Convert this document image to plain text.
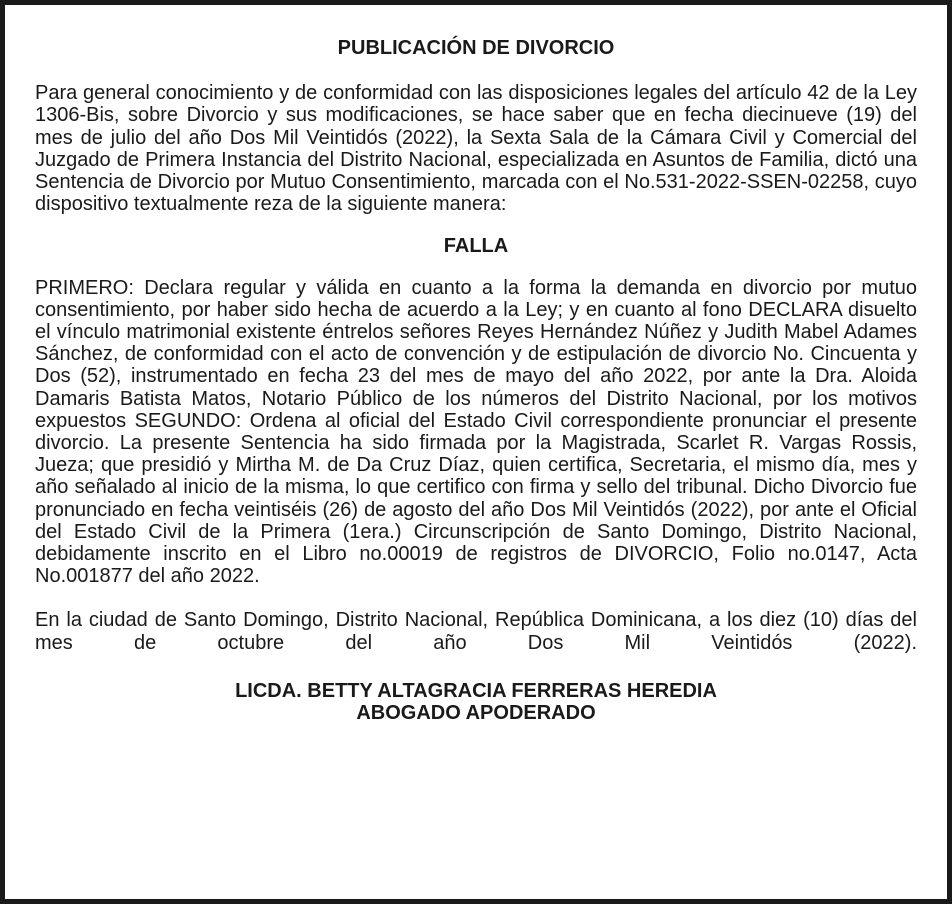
PUBLICACIÓN DE DIVORCIO

Para general conocimiento y de conformidad con las disposiciones legales del artículo 42 de la Ley 1306-Bis, sobre Divorcio y sus modificaciones, se hace saber que en fecha diecinueve (19) del mes de julio del año Dos Mil Veintidós (2022), la Sexta Sala de la Cámara Civil y Comercial del Juzgado de Primera Instancia del Distrito Nacional, especializada en Asuntos de Familia, dictó una Sentencia de Divorcio por Mutuo Consentimiento, marcada con el No.531-2022-SSEN-02258, cuyo dispositivo textualmente reza de la siguiente manera:

FALLA

PRIMERO: Declara regular y válida en cuanto a la forma la demanda en divorcio por mutuo consentimiento, por haber sido hecha de acuerdo a la Ley; y en cuanto al fono DECLARA disuelto el vínculo matrimonial existente éntrelos señores Reyes Hernández Núñez y Judith Mabel Adames Sánchez, de conformidad con el acto de convención y de estipulación de divorcio No. Cincuenta y Dos (52), instrumentado en fecha 23 del mes de mayo del año 2022, por ante la Dra. Aloida Damaris Batista Matos, Notario Público de los números del Distrito Nacional, por los motivos expuestos SEGUNDO: Ordena al oficial del Estado Civil correspondiente pronunciar el presente divorcio. La presente Sentencia ha sido firmada por la Magistrada, Scarlet R. Vargas Rossis, Jueza; que presidió y Mirtha M. de Da Cruz Díaz, quien certifica, Secretaria, el mismo día, mes y año señalado al inicio de la misma, lo que certifico con firma y sello del tribunal. Dicho Divorcio fue pronunciado en fecha veintiséis (26) de agosto del año Dos Mil Veintidós (2022), por ante el Oficial del Estado Civil de la Primera (1era.) Circunscripción de Santo Domingo, Distrito Nacional, debidamente inscrito en el Libro no.00019 de registros de DIVORCIO, Folio no.0147, Acta No.001877 del año 2022.

En la ciudad de Santo Domingo, Distrito Nacional, República Dominicana, a los diez (10) días del mes de octubre del año Dos Mil Veintidós (2022).

LICDA. BETTY ALTAGRACIA FERRERAS HEREDIA
ABOGADO APODERADO
